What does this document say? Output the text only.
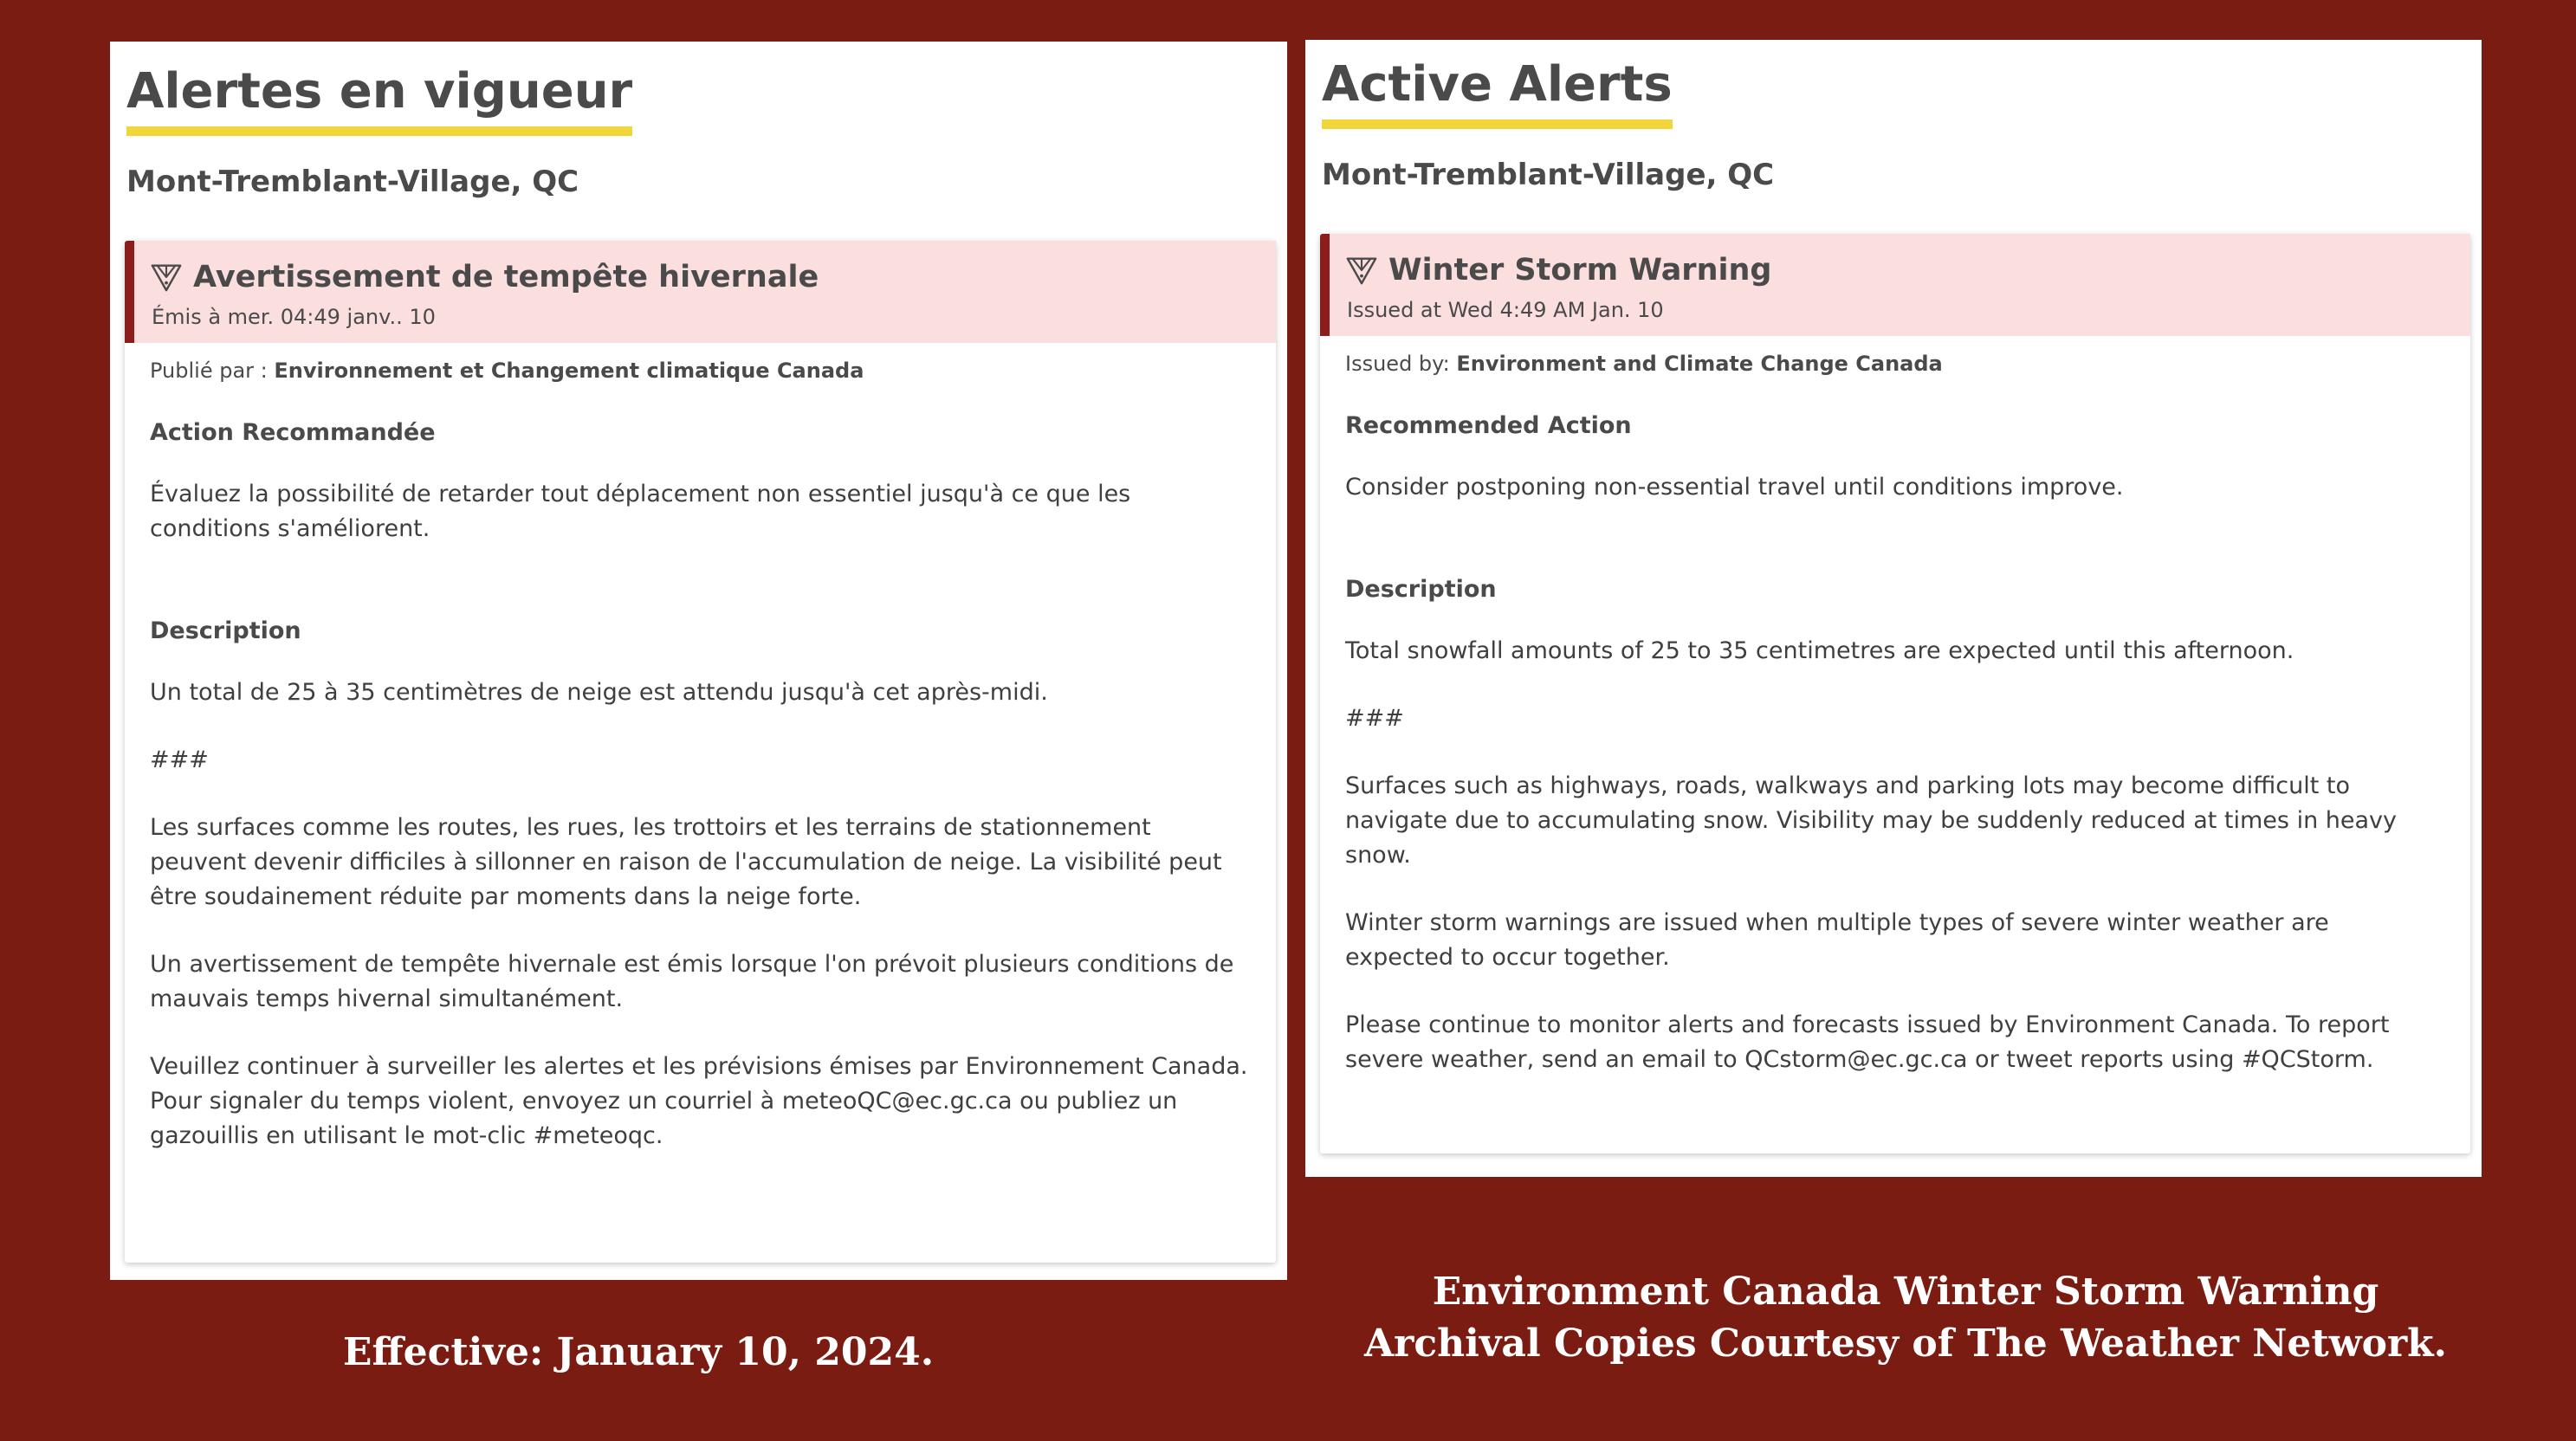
Alertes en vigueur
Mont-Tremblant-Village, QC
Avertissement de tempête hivernale
Émis à mer. 04:49 janv.. 10
Publié par : Environnement et Changement climatique Canada
Action Recommandée

Évaluez la possibilité de retarder tout déplacement non essentiel jusqu'à ce que les conditions s'améliorent.

Description

Un total de 25 à 35 centimètres de neige est attendu jusqu'à cet après-midi.

###

Les surfaces comme les routes, les rues, les trottoirs et les terrains de stationnement peuvent devenir difficiles à sillonner en raison de l'accumulation de neige. La visibilité peut être soudainement réduite par moments dans la neige forte.

Un avertissement de tempête hivernale est émis lorsque l'on prévoit plusieurs conditions de mauvais temps hivernal simultanément.

Veuillez continuer à surveiller les alertes et les prévisions émises par Environnement Canada. Pour signaler du temps violent, envoyez un courriel à meteoQC@ec.gc.ca ou publiez un gazouillis en utilisant le mot-clic #meteoqc.

Active Alerts
Mont-Tremblant-Village, QC
Winter Storm Warning
Issued at Wed 4:49 AM Jan. 10
Issued by: Environment and Climate Change Canada
Recommended Action

Consider postponing non-essential travel until conditions improve.

Description

Total snowfall amounts of 25 to 35 centimetres are expected until this afternoon.

###

Surfaces such as highways, roads, walkways and parking lots may become difficult to navigate due to accumulating snow. Visibility may be suddenly reduced at times in heavy snow.

Winter storm warnings are issued when multiple types of severe winter weather are expected to occur together.

Please continue to monitor alerts and forecasts issued by Environment Canada. To report severe weather, send an email to QCstorm@ec.gc.ca or tweet reports using #QCStorm.

Effective: January 10, 2024.
Environment Canada Winter Storm Warning
Archival Copies Courtesy of The Weather Network.
